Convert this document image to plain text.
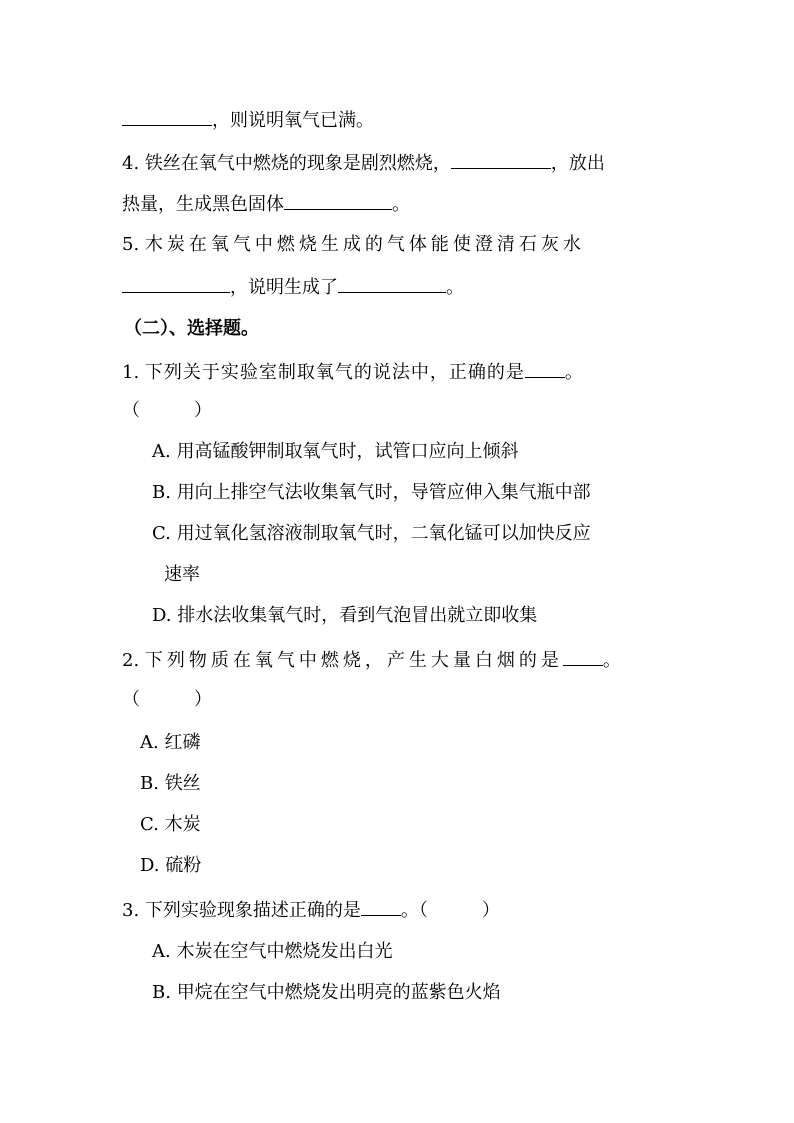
，则说明氧气已满。
4. 铁丝在氧气中燃烧的现象是剧烈燃烧，	，放出
热量，生成黑色固体	。
5. 木炭在氧气中燃烧生成的气体能使澄清石灰水
，说明生成了	。
（二）、选择题。
1. 下列关于实验室制取氧气的说法中，正确的是 。
（　　　）
A. 用高锰酸钾制取氧气时，试管口应向上倾斜
B. 用向上排空气法收集氧气时，导管应伸入集气瓶中部
C. 用过氧化氢溶液制取氧气时，二氧化锰可以加快反应
速率
D. 排水法收集氧气时，看到气泡冒出就立即收集
2. 下列物质在氧气中燃烧，产生大量白烟的是 。
（　　　）
A. 红磷
B. 铁丝
C. 木炭
D. 硫粉
3. 下列实验现象描述正确的是 。（　　　）
A. 木炭在空气中燃烧发出白光
B. 甲烷在空气中燃烧发出明亮的蓝紫色火焰
